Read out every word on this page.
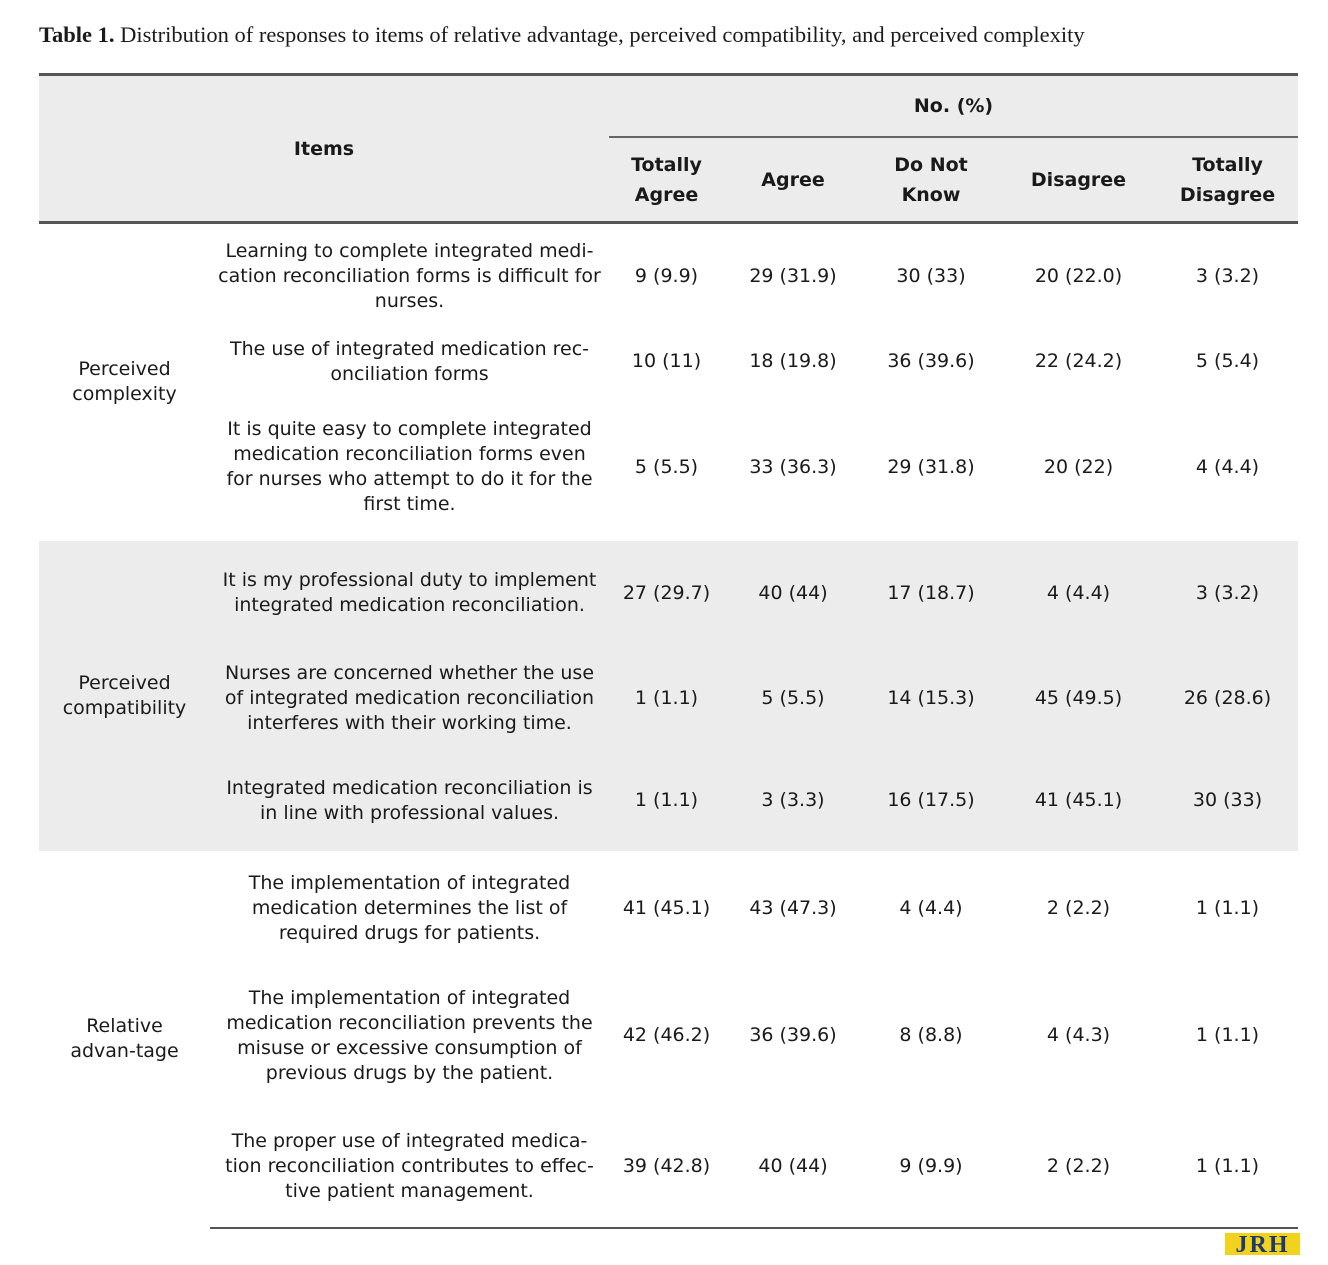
Table 1. Distribution of responses to items of relative advantage, perceived compatibility, and perceived complexity
Items		No. (%)				
		Totally Agree	Agree	Do Not Know	Disagree	Totally Disagree
Perceived complexity	Learning to complete integrated medi-cation reconciliation forms is difficult for nurses.	9 (9.9)	29 (31.9)	30 (33)	20 (22.0)	3 (3.2)
	The use of integrated medication rec-onciliation forms	10 (11)	18 (19.8)	36 (39.6)	22 (24.2)	5 (5.4)
	It is quite easy to complete integrated medication reconciliation forms even for nurses who attempt to do it for the first time.	5 (5.5)	33 (36.3)	29 (31.8)	20 (22)	4 (4.4)
Perceived compatibility	It is my professional duty to implement integrated medication reconciliation.	27 (29.7)	40 (44)	17 (18.7)	4 (4.4)	3 (3.2)
	Nurses are concerned whether the use of integrated medication reconciliation interferes with their working time.	1 (1.1)	5 (5.5)	14 (15.3)	45 (49.5)	26 (28.6)
	Integrated medication reconciliation is in line with professional values.	1 (1.1)	3 (3.3)	16 (17.5)	41 (45.1)	30 (33)
Relative advan-tage	The implementation of integrated medication determines the list of required drugs for patients.	41 (45.1)	43 (47.3)	4 (4.4)	2 (2.2)	1 (1.1)
	The implementation of integrated medication reconciliation prevents the misuse or excessive consumption of previous drugs by the patient.	42 (46.2)	36 (39.6)	8 (8.8)	4 (4.3)	1 (1.1)
	The proper use of integrated medica-tion reconciliation contributes to effec-tive patient management.	39 (42.8)	40 (44)	9 (9.9)	2 (2.2)	1 (1.1)
JRH
